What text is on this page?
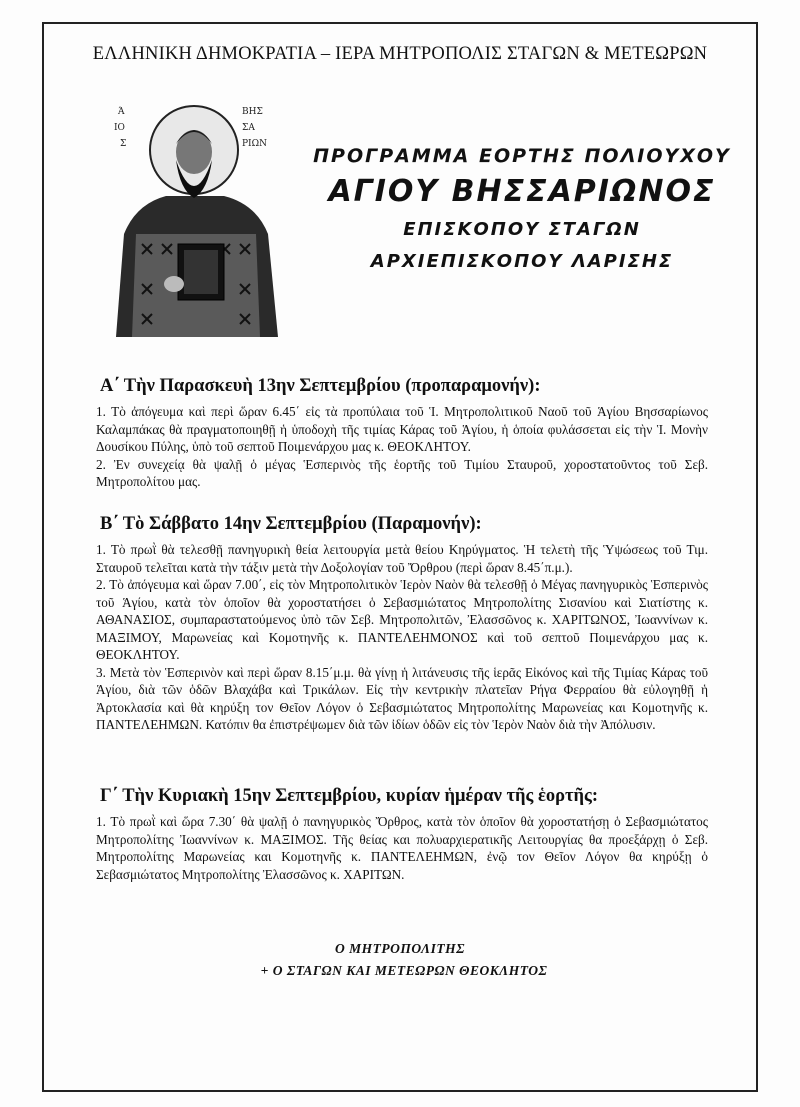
ΕΛΛΗΝΙΚΗ ΔΗΜΟΚΡΑΤΙΑ – ΙΕΡΑ ΜΗΤΡΟΠΟΛΙΣ ΣΤΑΓΩΝ & ΜΕΤΕΩΡΩΝ
Ά
ΙΟ
Σ
ΒΗΣ
ΣΑ
ΡΙΩΝ
ΠΡΟΓΡΑΜΜΑ ΕΟΡΤΗΣ ΠΟΛΙΟΥΧΟΥ
ΑΓΙΟΥ ΒΗΣΣΑΡΙΩΝΟΣ
ΕΠΙΣΚΟΠΟΥ ΣΤΑΓΩΝ
ΑΡΧΙΕΠΙΣΚΟΠΟΥ ΛΑΡΙΣΗΣ
Α΄ Τὴν Παρασκευὴ 13ην Σεπτεμβρίου (προπαραμονήν):

1. Τὸ ἀπόγευμα καὶ περὶ ὥραν 6.45΄ εἰς τὰ προπύλαια τοῦ Ἱ. Μητροπολιτικοῦ Ναοῦ τοῦ Ἁγίου Βησσαρίωνος Καλαμπάκας θὰ πραγματοποιηθῇ ἡ ὑποδοχὴ τῆς τιμίας Κάρας τοῦ Ἁγίου, ἡ ὁποία φυλάσσεται εἰς τὴν Ἱ. Μονὴν Δουσίκου Πύλης, ὑπὸ τοῦ σεπτοῦ Ποιμενάρχου μας κ. ΘΕΟΚΛΗΤΟΥ.

2. Ἐν συνεχείᾳ θὰ ψαλῇ ὁ μέγας Ἑσπερινὸς τῆς ἑορτῆς τοῦ Τιμίου Σταυροῦ, χοροστατοῦντος τοῦ Σεβ. Μητροπολίτου μας.

Β΄ Τὸ Σάββατο 14ην Σεπτεμβρίου (Παραμονήν):

1. Τὸ πρωῒ θὰ τελεσθῇ πανηγυρικὴ θεία λειτουργία μετὰ θείου Κηρύγματος. Ἡ τελετὴ τῆς Ὑψώσεως τοῦ Τιμ. Σταυροῦ τελεῖται κατὰ τὴν τάξιν μετὰ τὴν Δοξολογίαν τοῦ Ὄρθρου (περὶ ὥραν 8.45΄π.μ.).

2. Τὸ ἀπόγευμα καὶ ὥραν 7.00΄, εἰς τὸν Μητροπολιτικὸν Ἱερὸν Ναὸν θὰ τελεσθῇ ὁ Μέγας πανηγυρικὸς Ἑσπερινὸς τοῦ Ἁγίου, κατὰ τὸν ὁποῖον θὰ χοροστατήσει ὁ Σεβασμιώτατος Μητροπολίτης Σισανίου καὶ Σιατίστης κ. ΑΘΑΝΑΣΙΟΣ, συμπαραστατούμενος ὑπὸ τῶν Σεβ. Μητροπολιτῶν, Ἐλασσῶνος κ. ΧΑΡΙΤΩΝΟΣ, Ἰωαννίνων κ. ΜΑΞΙΜΟΥ, Μαρωνείας καὶ Κομοτηνῆς κ. ΠΑΝΤΕΛΕΗΜΟΝΟΣ καὶ τοῦ σεπτοῦ Ποιμενάρχου μας κ. ΘΕΟΚΛΗΤΟΥ.

3. Μετὰ τὸν Ἑσπερινὸν καὶ περὶ ὥραν 8.15΄μ.μ. θὰ γίνῃ ἡ λιτάνευσις τῆς ἱερᾶς Εἰκόνος καὶ τῆς Τιμίας Κάρας τοῦ Ἁγίου, διὰ τῶν ὁδῶν Βλαχάβα καὶ Τρικάλων. Εἰς τὴν κεντρικὴν πλατεῖαν Ρήγα Φερραίου θὰ εὐλογηθῇ ἡ Ἀρτοκλασία καὶ θὰ κηρύξη τον Θεῖον Λόγον ὁ Σεβασμιώτατος Μητροπολίτης Μαρωνείας και Κομοτηνῆς κ. ΠΑΝΤΕΛΕΗΜΩΝ. Κατόπιν θα ἐπιστρέψωμεν διὰ τῶν ἰδίων ὁδῶν εἰς τὸν Ἱερὸν Ναὸν διὰ τὴν Ἀπόλυσιν.

Γ΄ Τὴν Κυριακὴ 15ην Σεπτεμβρίου, κυρίαν ἡμέραν τῆς ἑορτῆς:

1. Τὸ πρωῒ καὶ ὥρα 7.30΄ θὰ ψαλῇ ὁ πανηγυρικὸς Ὄρθρος, κατὰ τὸν ὁποῖον θὰ χοροστατήσῃ ὁ Σεβασμιώτατος Μητροπολίτης Ἰωαννίνων κ. ΜΑΞΙΜΟΣ. Τῆς θείας και πολυαρχιερατικῆς Λειτουργίας θα προεξάρχῃ ὁ Σεβ. Μητροπολίτης Μαρωνείας και Κομοτηνῆς κ. ΠΑΝΤΕΛΕΗΜΩΝ, ἐνῷ τον Θεῖον Λόγον θα κηρύξῃ ὁ Σεβασμιώτατος Μητροπολίτης Ἐλασσῶνος κ. ΧΑΡΙΤΩΝ.

Ο ΜΗΤΡΟΠΟΛΙΤΗΣ
+ Ο ΣΤΑΓΩΝ ΚΑΙ ΜΕΤΕΩΡΩΝ ΘΕΟΚΛΗΤΟΣ
